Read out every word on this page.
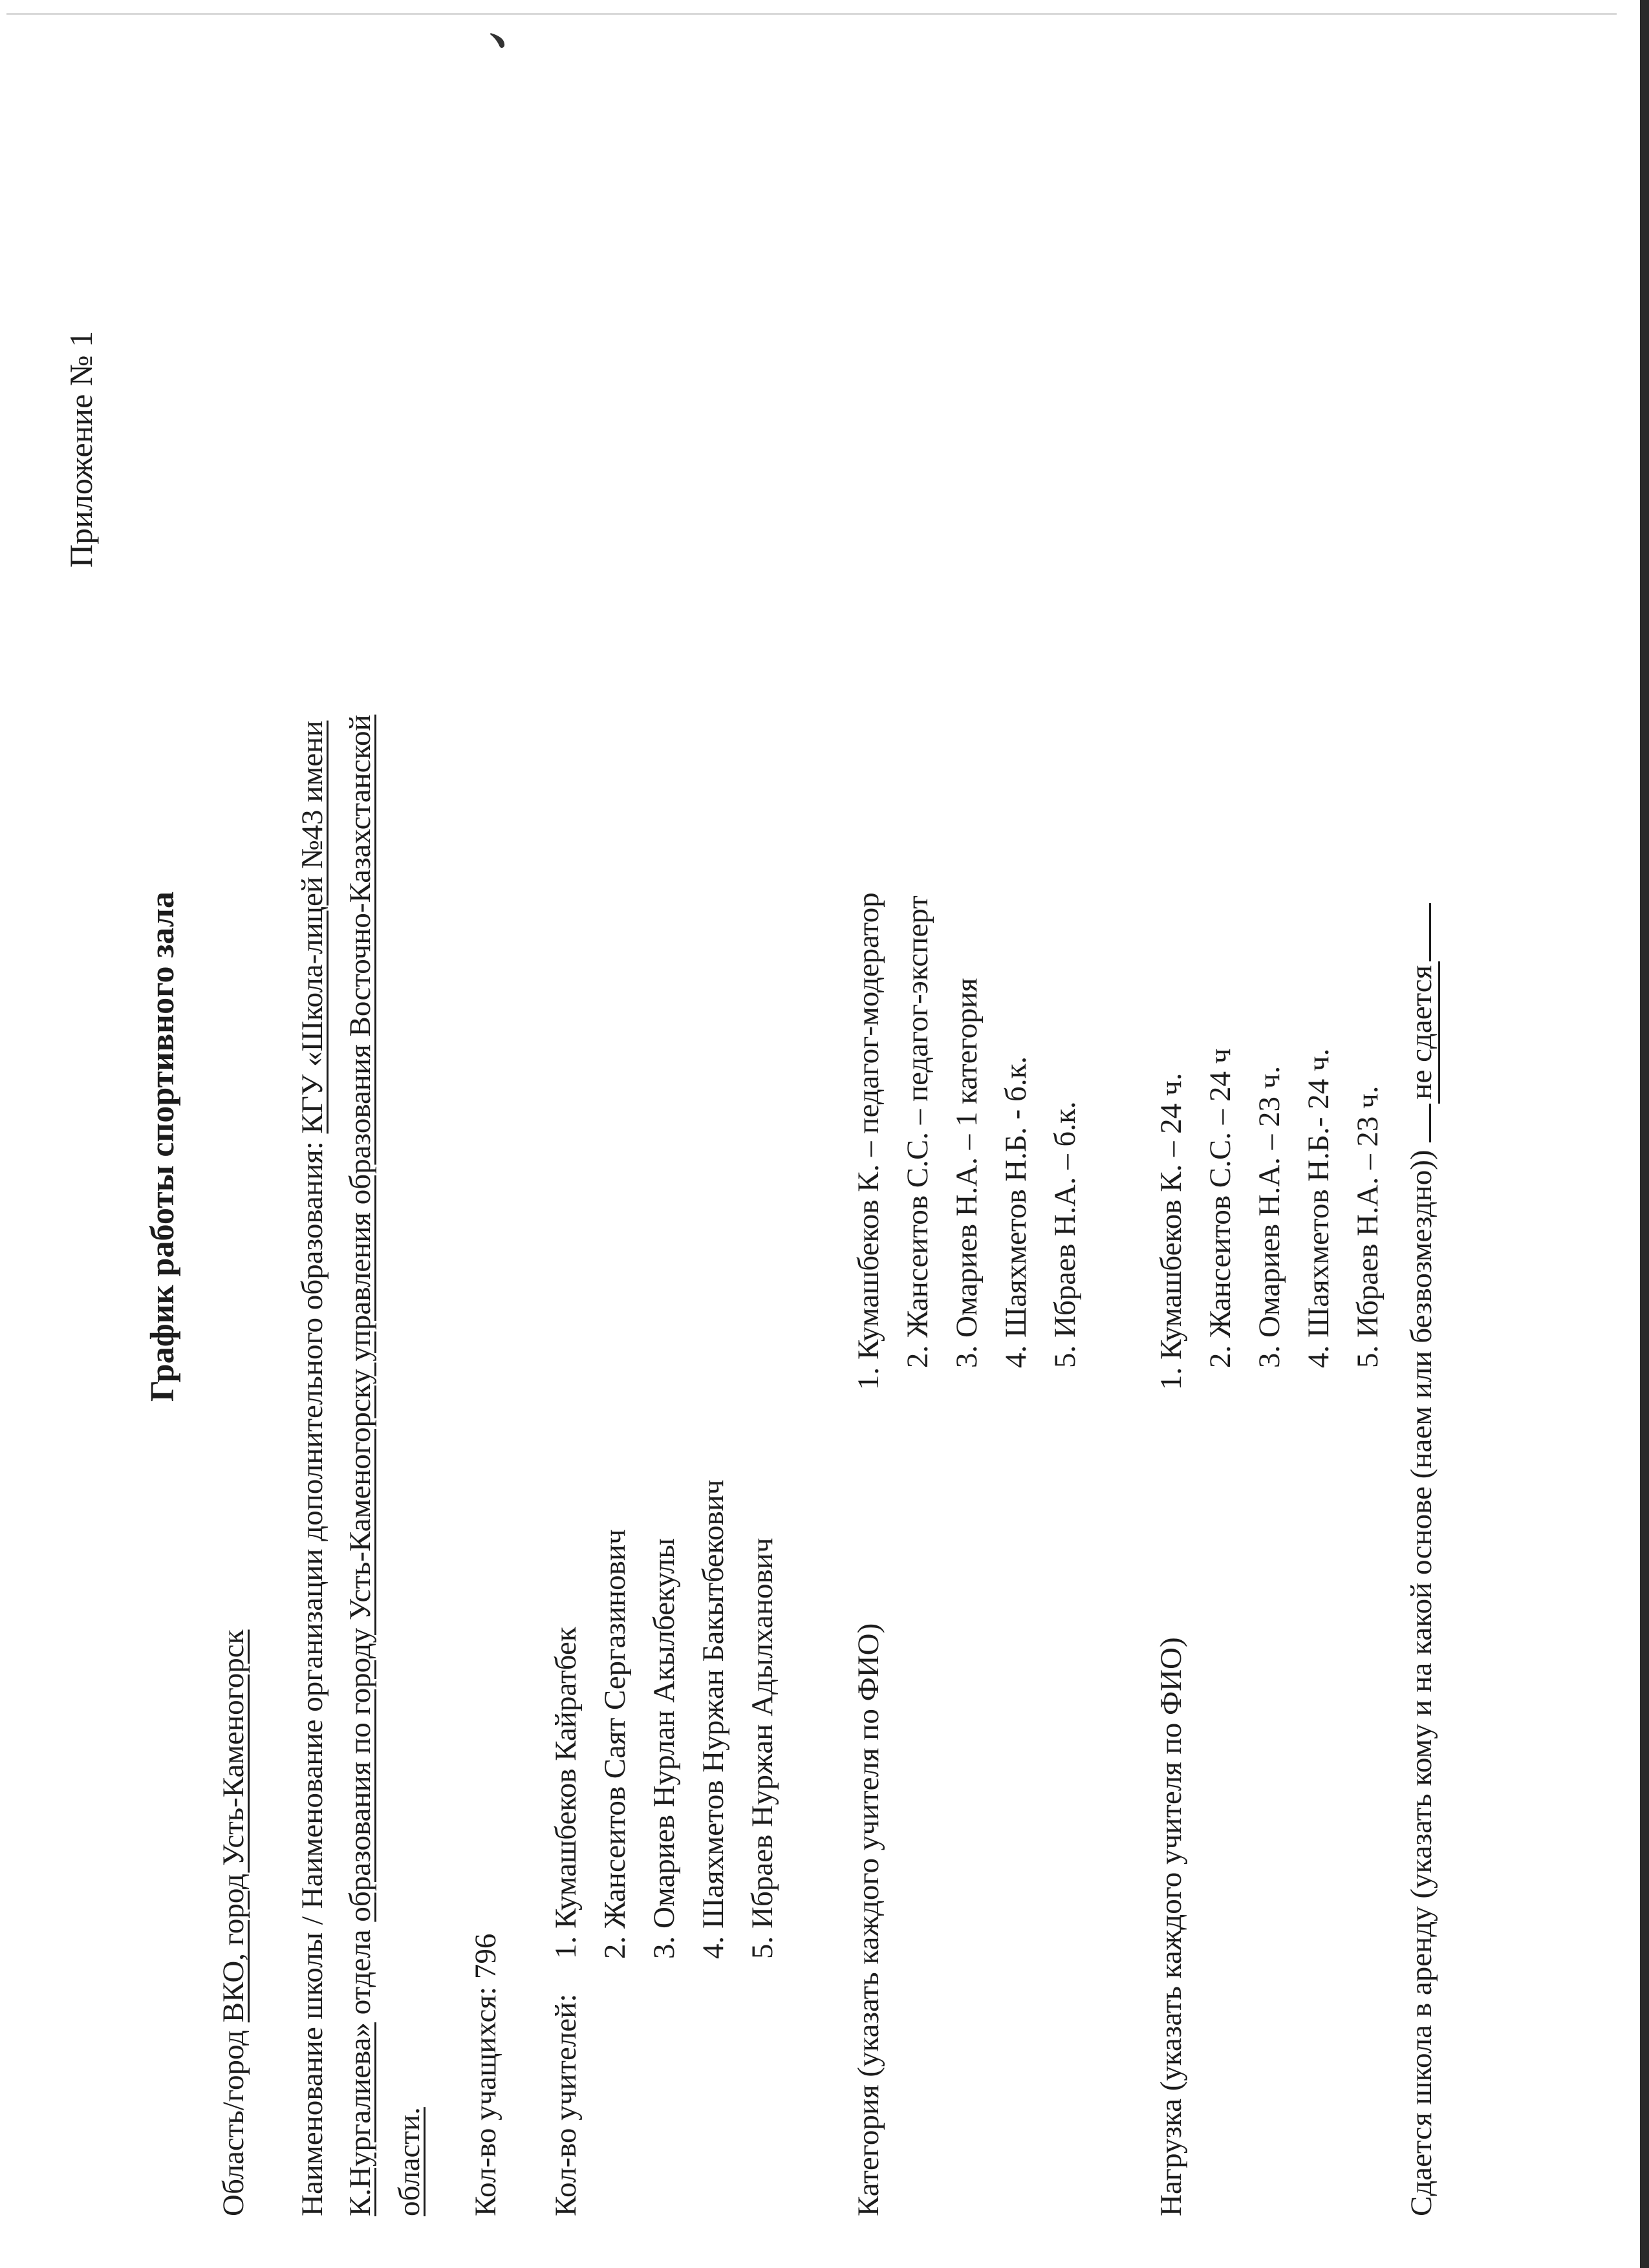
﹅
Приложение № 1
График работы спортивного зала
Область/город ВКО, город Усть-Каменогорск Наименование школы / Наименование организации дополнительного образования: КГУ «Школа-лицей №43 имени
К.Нургалиева» отдела образования по городу Усть-Каменогорску управления образования Восточно-Казахстанской
области. Кол-во учащихся: 796
Кол-во учителей:
1. Кумашбеков Кайратбек 2. Жансеитов Саят Сергазинович 3. Омариев Нурлан Акылбекулы 4. Шаяхметов Нуржан Бакытбекович 5. Ибраев Нуржан Адылханович Категория (указать каждого учителя по ФИО)
1. Кумашбеков К. – педагог-модератор 2. Жансеитов С.С. – педагог-эксперт 3. Омариев Н.А. – 1 категория 4. Шаяхметов Н.Б. - б.к. 5. Ибраев Н.А. – б.к.
Нагрузка (указать каждого учителя по ФИО)
1. Кумашбеков К. – 24 ч. 2. Жансеитов С.С. – 24 ч 3. Омариев Н.А. – 23 ч. 4. Шаяхметов Н.Б.- 24 ч. 5. Ибраев Н.А. – 23 ч. Сдается школа в аренду (указать кому и на какой основе (наем или безвозмездно)) не сдается
